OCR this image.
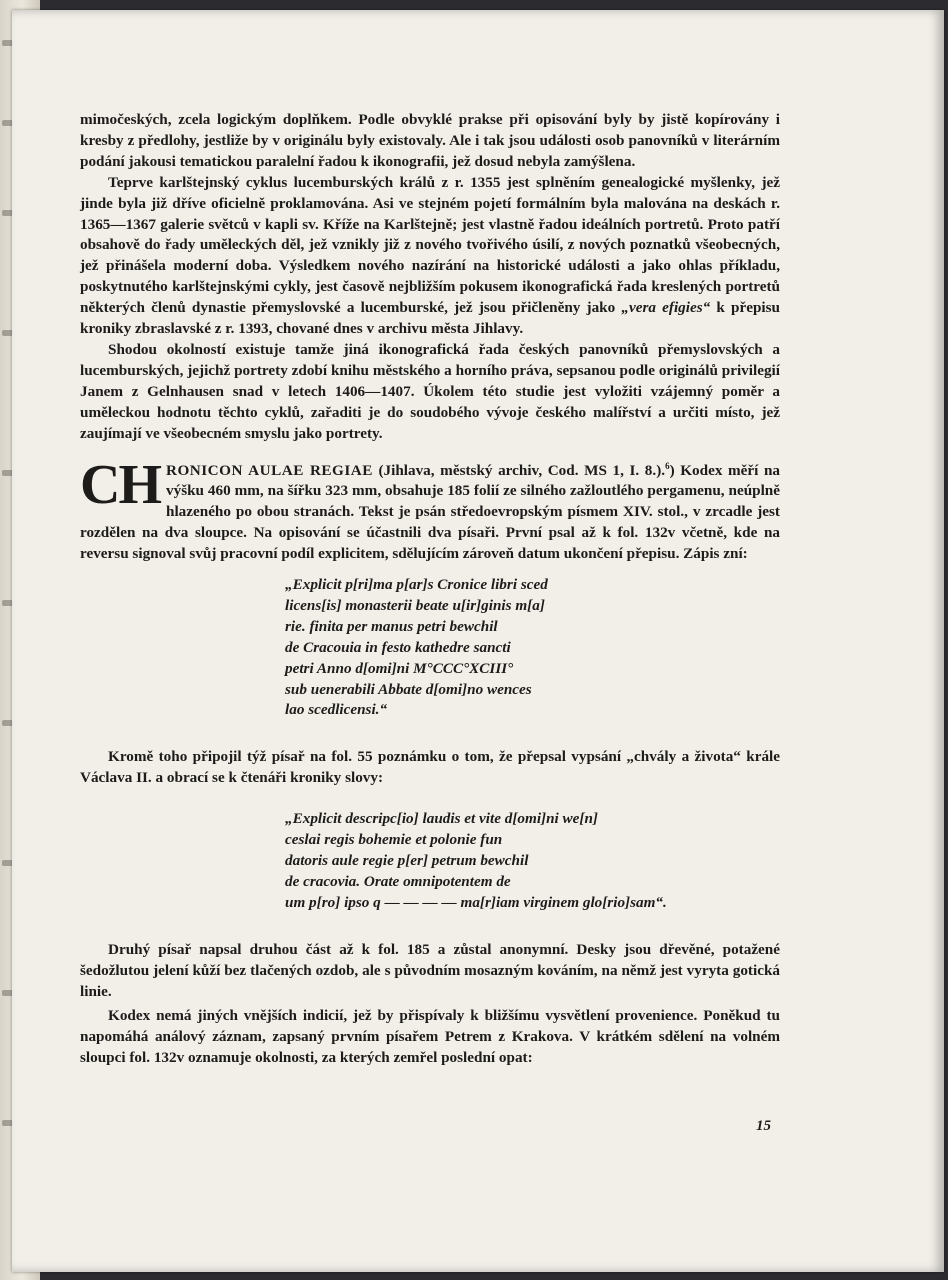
mimočeských, zcela logickým doplňkem. Podle obvyklé prakse při opisování byly by jistě kopírovány i kresby z předlohy, jestliže by v originálu byly existovaly. Ale i tak jsou události osob panovníků v literárním podání jakousi tematickou paralelní řadou k ikonografii, jež dosud nebyla zamýšlena.

Teprve karlštejnský cyklus lucemburských králů z r. 1355 jest splněním genealogické myšlenky, jež jinde byla již dříve oficielně proklamována. Asi ve stejném pojetí formálním byla malována na deskách r. 1365—1367 galerie světců v kapli sv. Kříže na Karlštejně; jest vlastně řadou ideálních portretů. Proto patří obsahově do řady uměleckých děl, jež vznikly již z nového tvořivého úsilí, z nových poznatků všeobecných, jež přinášela moderní doba. Výsledkem nového nazírání na historické události a jako ohlas příkladu, poskytnutého karlštejnskými cykly, jest časově nejbližším pokusem ikonografická řada kreslených portretů některých členů dynastie přemyslovské a lucemburské, jež jsou přičleněny jako „vera efigies“ k přepisu kroniky zbraslavské z r. 1393, chované dnes v archivu města Jihlavy.

Shodou okolností existuje tamže jiná ikonografická řada českých panovníků přemyslovských a lucemburských, jejichž portrety zdobí knihu městského a horního práva, sepsanou podle originálů privilegií Janem z Gelnhausen snad v letech 1406—1407. Úkolem této studie jest vyložiti vzájemný poměr a uměleckou hodnotu těchto cyklů, zařaditi je do soudobého vývoje českého malířství a určiti místo, jež zaujímají ve všeobecném smyslu jako portrety.

CH RONICON AULAE REGIAE (Jihlava, městský archiv, Cod. MS 1, I. 8.).$^6$) Kodex měří na výšku 460 mm, na šířku 323 mm, obsahuje 185 folií ze silného zažloutlého pergamenu, neúplně hlazeného po obou stranách. Tekst je psán středoevropským písmem XIV. stol., v zrcadle jest rozdělen na dva sloupce. Na opisování se účastnili dva písaři. První psal až k fol. 132v včetně, kde na reversu signoval svůj pracovní podíl explicitem, sdělujícím zároveň datum ukončení přepisu. Zápis zní:

„Explicit p[ri]ma p[ar]s Cronice libri sced
licens[is] monasterii beate u[ir]ginis m[a]
rie. finita per manus petri bewchil
de Cracouia in festo kathedre sancti
petri Anno d[omi]ni M°CCC°XCIII°
sub uenerabili Abbate d[omi]no wences
lao scedlicensi.“

Kromě toho připojil týž písař na fol. 55 poznámku o tom, že přepsal vypsání „chvály a života“ krále Václava II. a obrací se k čtenáři kroniky slovy:

„Explicit descripc[io] laudis et vite d[omi]ni we[n]
ceslai regis bohemie et polonie fun
datoris aule regie p[er] petrum bewchil
de cracovia. Orate omnipotentem de
um p[ro] ipso q — — — — ma[r]iam virginem glo[rio]sam“.

Druhý písař napsal druhou část až k fol. 185 a zůstal anonymní. Desky jsou dřevěné, potažené šedožlutou jelení kůží bez tlačených ozdob, ale s původním mosazným kováním, na němž jest vyryta gotická linie.

Kodex nemá jiných vnějších indicií, jež by přispívaly k bližšímu vysvětlení provenience. Poněkud tu napomáhá análový záznam, zapsaný prvním písařem Petrem z Krakova. V krátkém sdělení na volném sloupci fol. 132v oznamuje okolnosti, za kterých zemřel poslední opat:

15
